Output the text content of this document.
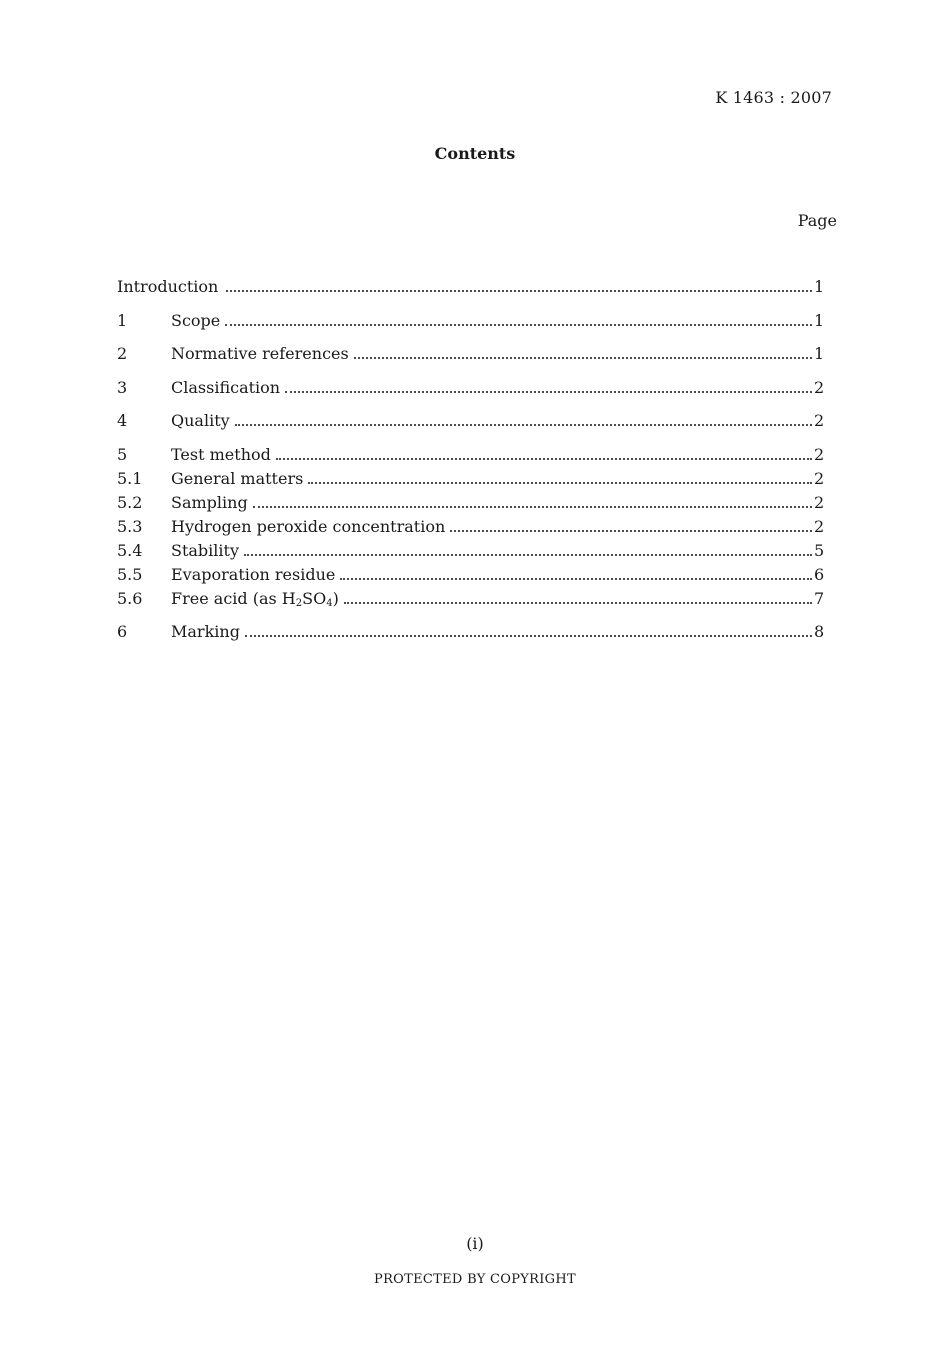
K 1463 : 2007
Contents
Page
Introduction	1
1	Scope	1
2	Normative references	1
3	Classification	2
4	Quality	2
5	Test method	2
5.1	General matters	2
5.2	Sampling	2
5.3	Hydrogen peroxide concentration	2
5.4	Stability	5
5.5	Evaporation residue	6
5.6	Free acid (as $H_2SO_4$)	7
6	Marking	8
(i)
PROTECTED BY COPYRIGHT
